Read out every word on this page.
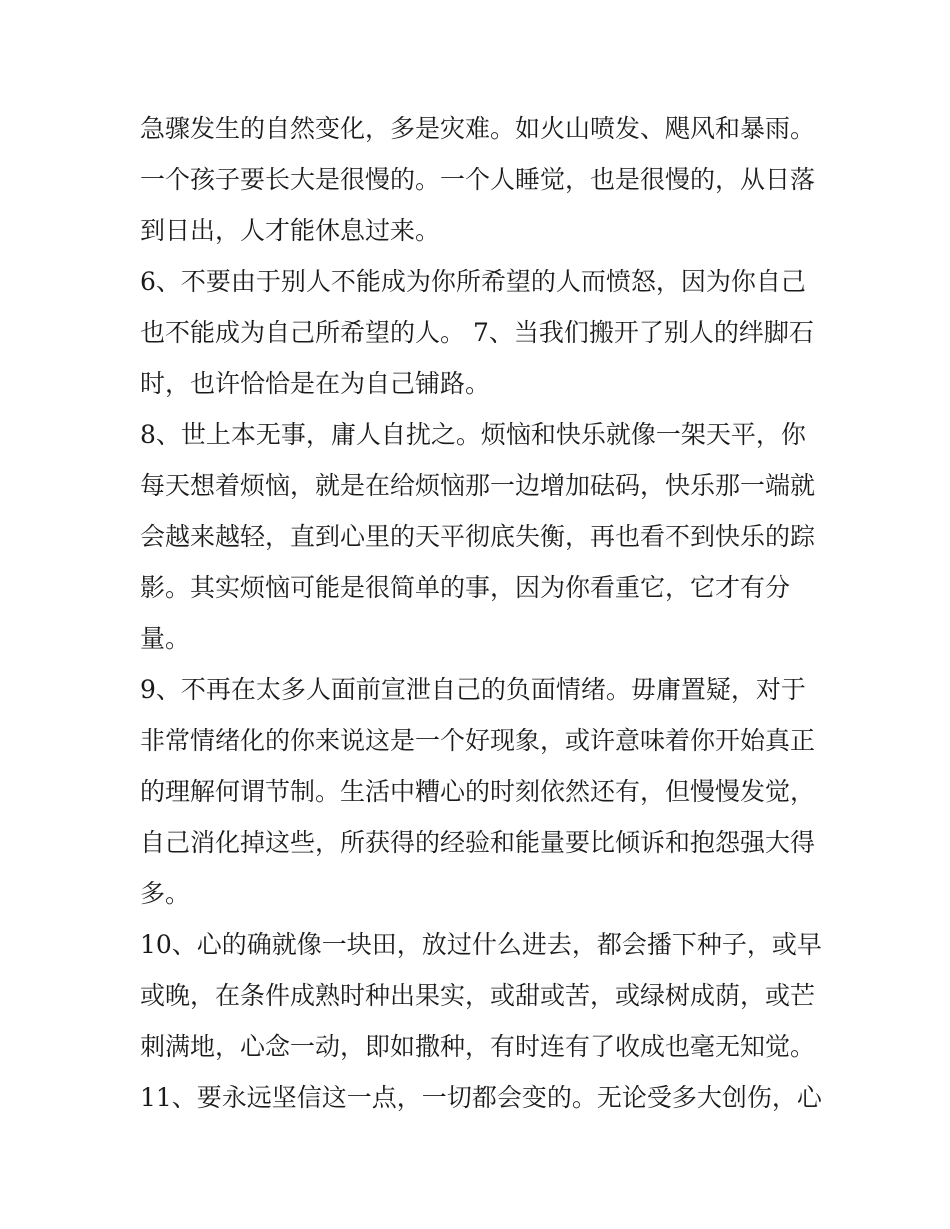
急骤发生的自然变化，多是灾难。如火山喷发、飓风和暴雨。
一个孩子要长大是很慢的。一个人睡觉，也是很慢的，从日落
到日出，人才能休息过来。
6、不要由于别人不能成为你所希望的人而愤怒，因为你自己
也不能成为自己所希望的人。 7、当我们搬开了别人的绊脚石
时，也许恰恰是在为自己铺路。
8、世上本无事，庸人自扰之。烦恼和快乐就像一架天平，你
每天想着烦恼，就是在给烦恼那一边增加砝码，快乐那一端就
会越来越轻，直到心里的天平彻底失衡，再也看不到快乐的踪
影。其实烦恼可能是很简单的事，因为你看重它，它才有分
量。
9、不再在太多人面前宣泄自己的负面情绪。毋庸置疑，对于
非常情绪化的你来说这是一个好现象，或许意味着你开始真正
的理解何谓节制。生活中糟心的时刻依然还有，但慢慢发觉，
自己消化掉这些，所获得的经验和能量要比倾诉和抱怨强大得
多。
10、心的确就像一块田，放过什么进去，都会播下种子，或早
或晚，在条件成熟时种出果实，或甜或苦，或绿树成荫，或芒
刺满地，心念一动，即如撒种，有时连有了收成也毫无知觉。
11、要永远坚信这一点，一切都会变的。无论受多大创伤，心
